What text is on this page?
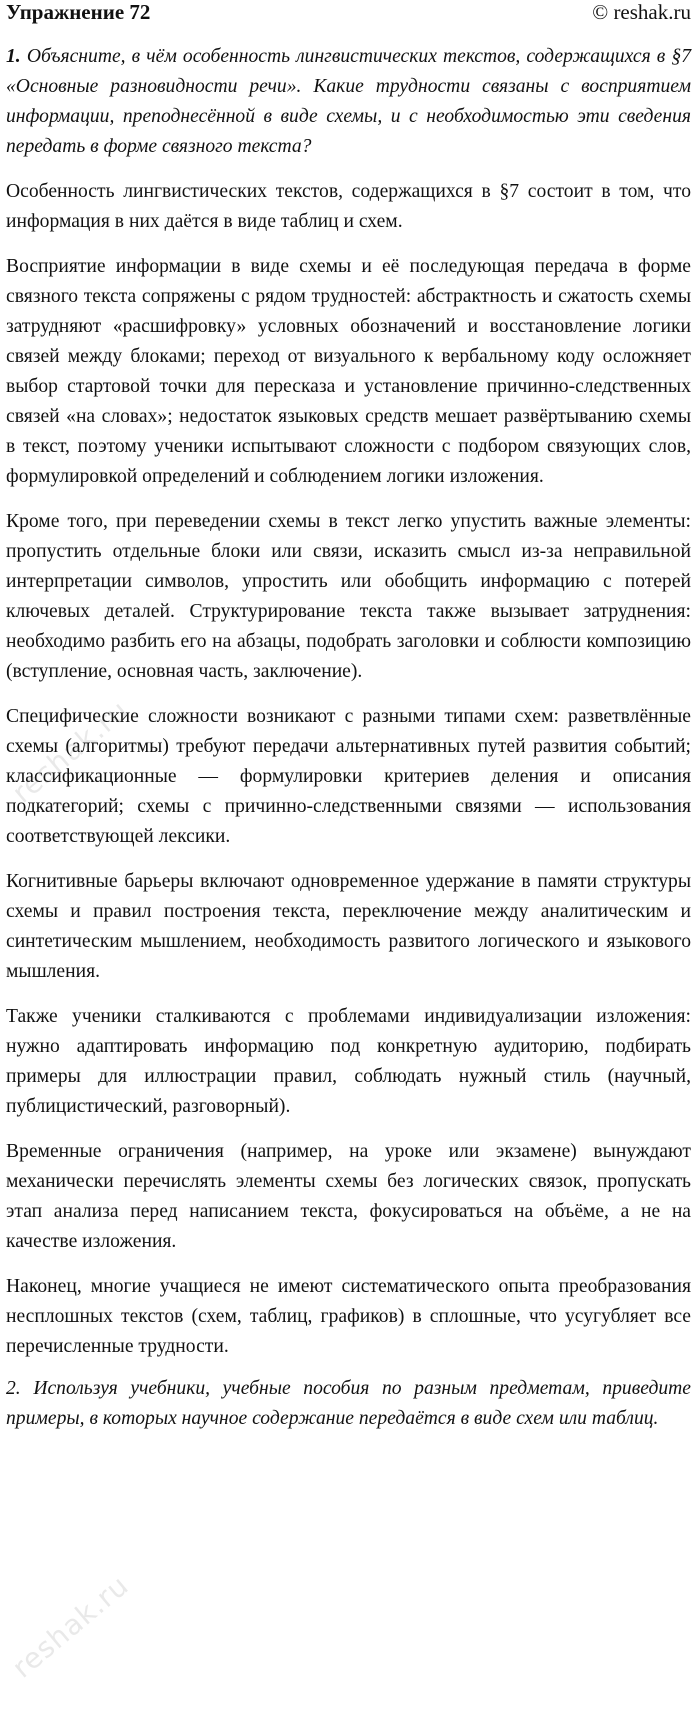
Упражнение 72	© reshak.ru

1. Объясните, в чём особенность лингвистических текстов, содержащихся в §7 «Основные разновидности речи». Какие трудности связаны с восприятием информации, преподнесённой в виде схемы, и с необходимостью эти сведения передать в форме связного текста?

Особенность лингвистических текстов, содержащихся в §7 состоит в том, что информация в них даётся в виде таблиц и схем.

Восприятие информации в виде схемы и её последующая передача в форме связного текста сопряжены с рядом трудностей: абстрактность и сжатость схемы затрудняют «расшифровку» условных обозначений и восстановление логики связей между блоками; переход от визуального к вербальному коду осложняет выбор стартовой точки для пересказа и установление причинно-следственных связей «на словах»; недостаток языковых средств мешает развёртыванию схемы в текст, поэтому ученики испытывают сложности с подбором связующих слов, формулировкой определений и соблюдением логики изложения.

Кроме того, при переведении схемы в текст легко упустить важные элементы: пропустить отдельные блоки или связи, исказить смысл из-за неправильной интерпретации символов, упростить или обобщить информацию с потерей ключевых деталей. Структурирование текста также вызывает затруднения: необходимо разбить его на абзацы, подобрать заголовки и соблюсти композицию (вступление, основная часть, заключение).

Специфические сложности возникают с разными типами схем: разветвлённые схемы (алгоритмы) требуют передачи альтернативных путей развития событий; классификационные — формулировки критериев деления и описания подкатегорий; схемы с причинно-следственными связями — использования соответствующей лексики.

Когнитивные барьеры включают одновременное удержание в памяти структуры схемы и правил построения текста, переключение между аналитическим и синтетическим мышлением, необходимость развитого логического и языкового мышления.

Также ученики сталкиваются с проблемами индивидуализации изложения: нужно адаптировать информацию под конкретную аудиторию, подбирать примеры для иллюстрации правил, соблюдать нужный стиль (научный, публицистический, разговорный).

Временные ограничения (например, на уроке или экзамене) вынуждают механически перечислять элементы схемы без логических связок, пропускать этап анализа перед написанием текста, фокусироваться на объёме, а не на качестве изложения.

Наконец, многие учащиеся не имеют систематического опыта преобразования несплошных текстов (схем, таблиц, графиков) в сплошные, что усугубляет все перечисленные трудности.

2. Используя учебники, учебные пособия по разным предметам, приведите примеры, в которых научное содержание передаётся в виде схем или таблиц.

reshak.ru
reshak.ru
